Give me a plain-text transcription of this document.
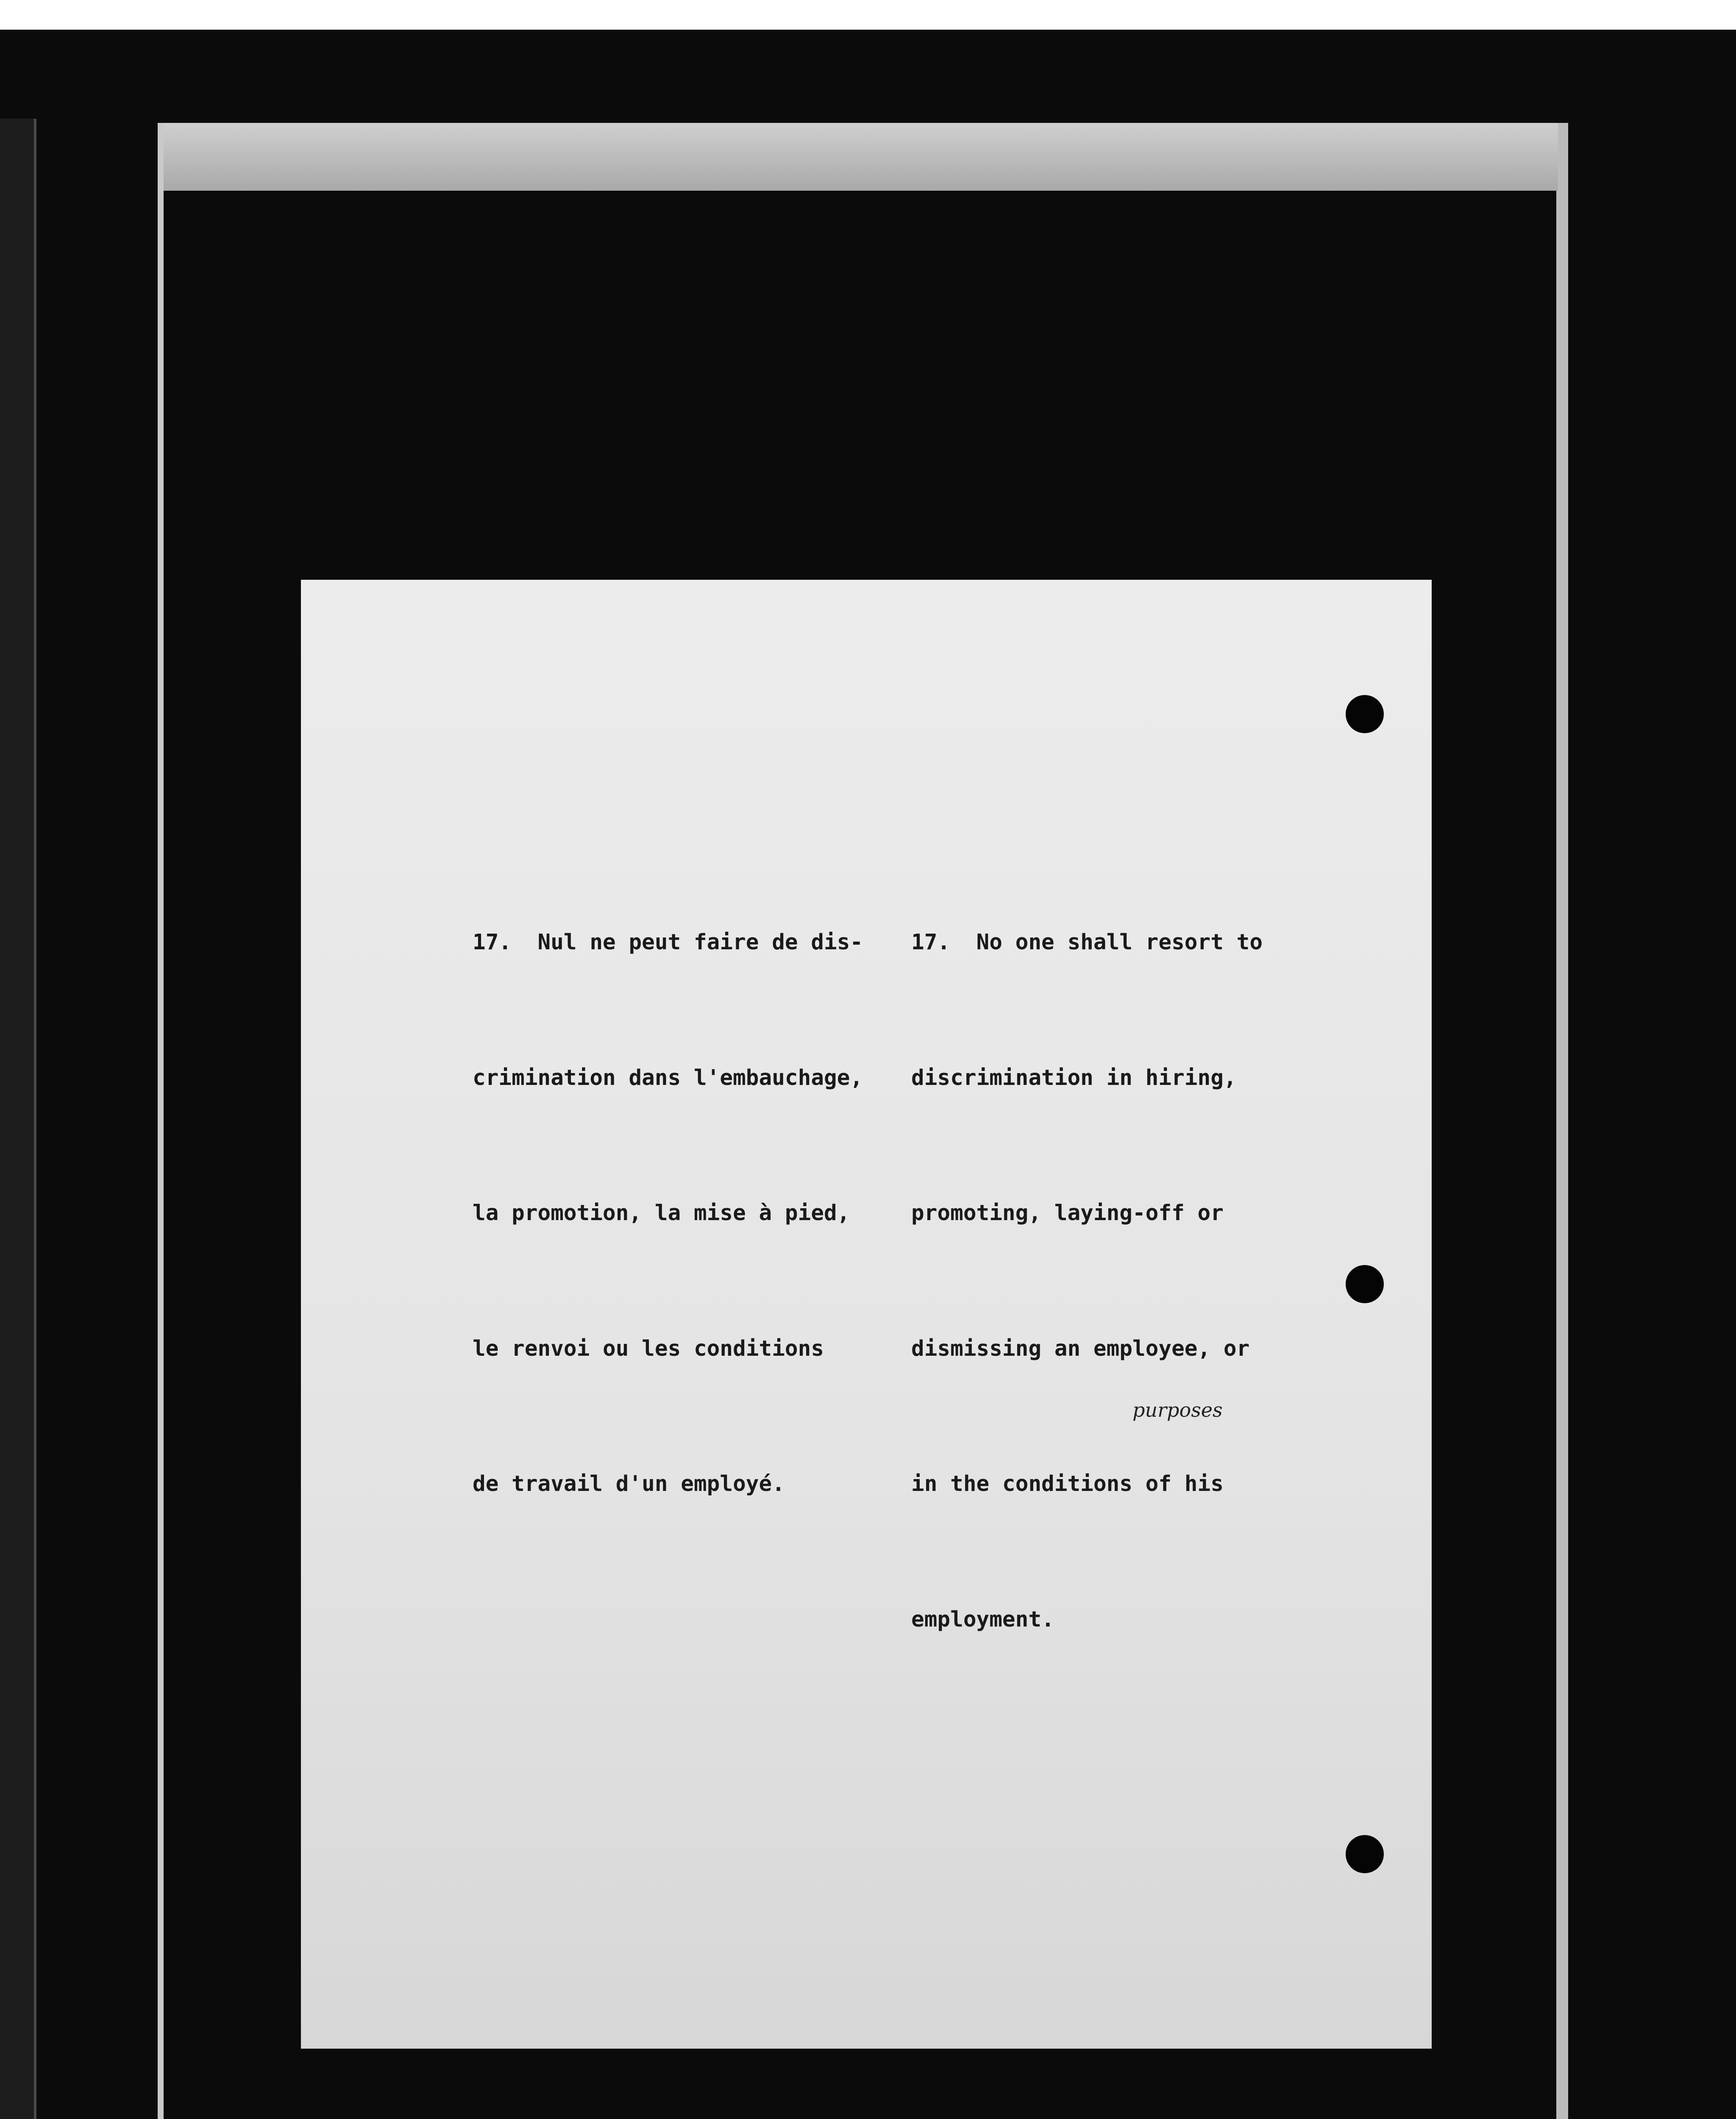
17.  Nul ne peut faire de dis-

crimination dans l'embauchage,

la promotion, la mise à pied,

le renvoi ou les conditions

de travail d'un employé.

17.  No one shall resort to

discrimination in hiring,

promoting, laying-off or

dismissing an employee, or

in the conditions of his

employment.

purposes
